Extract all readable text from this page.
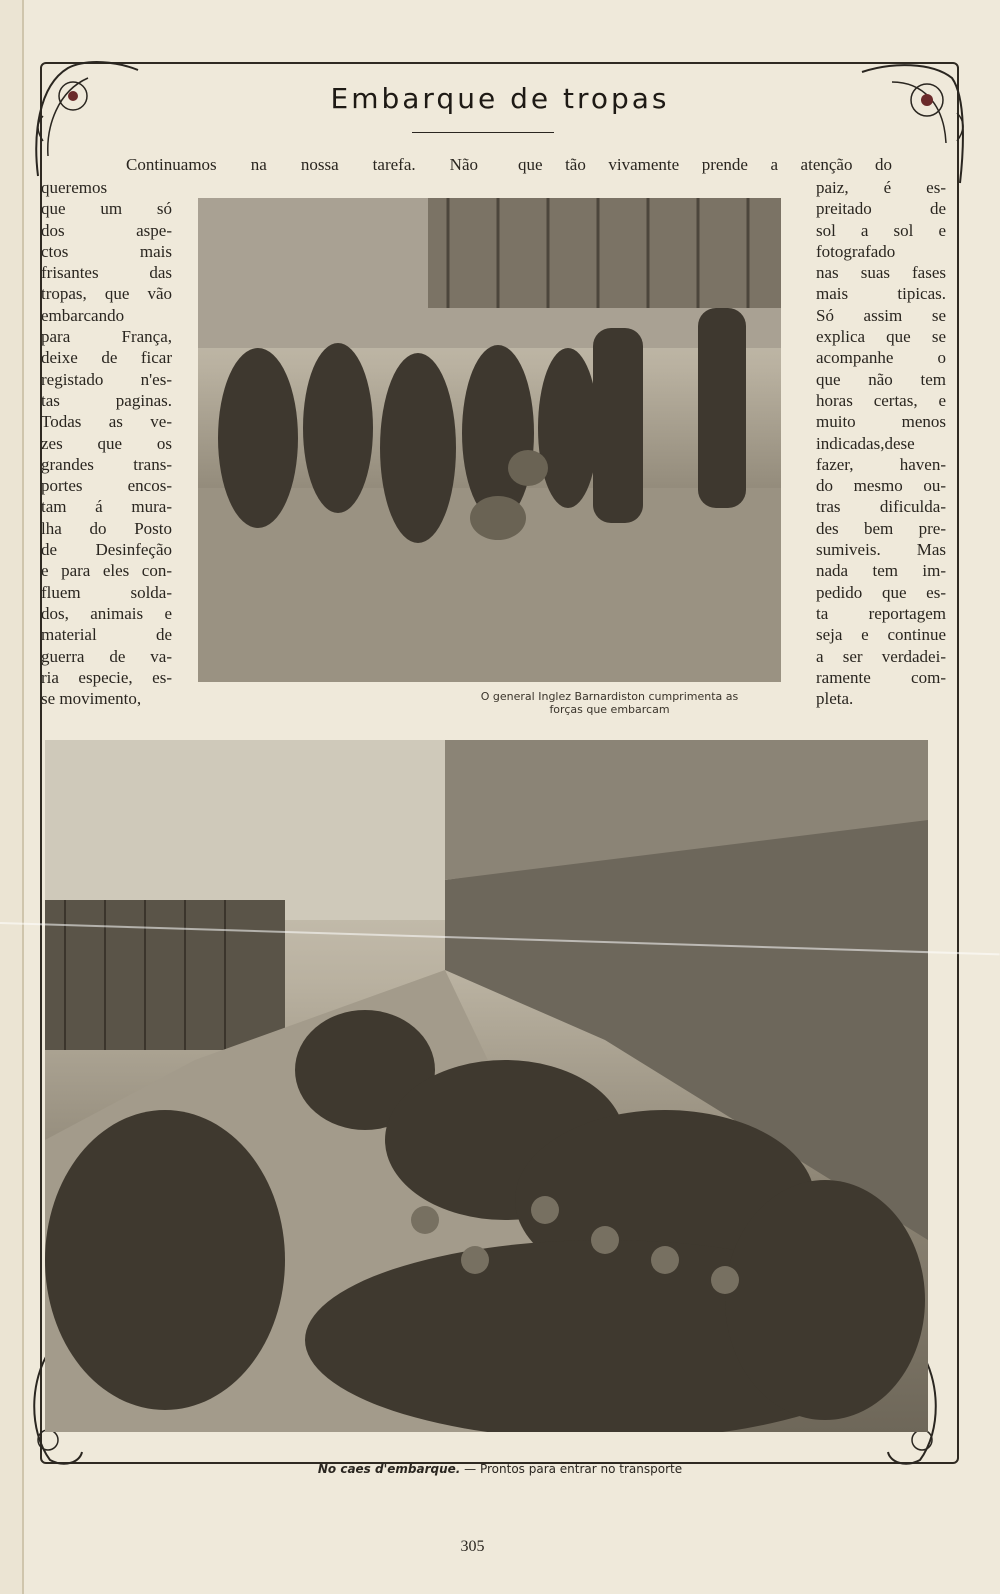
Embarque de tropas
Continuamos na nossa tarefa. Não que tão vivamente prende a atenção do
queremos
que um só
dos aspe-
ctos mais
frisantes das
tropas, que vão
embarcando
para França,
deixe de ficar
registado n'es-
tas paginas.
Todas as ve-
zes que os
grandes trans-
portes encos-
tam á mura-
lha do Posto
de Desinfeção
e para eles con-
fluem solda-
dos, animais e
material de
guerra de va-
ria especie, es-
se movimento,
paiz, é es-
preitado de
sol a sol e
fotografado
nas suas fases
mais tipicas.
Só assim se
explica que se
acompanhe o
que não tem
horas certas, e
muito menos
indicadas,dese
fazer, haven-
do mesmo ou-
tras dificulda-
des bem pre-
sumiveis. Mas
nada tem im-
pedido que es-
ta reportagem
seja e continue
a ser verdadei-
ramente com-
pleta.
O general Inglez Barnardiston cumprimenta as
forças que embarcam
No caes d'embarque. — Prontos para entrar no transporte
305
